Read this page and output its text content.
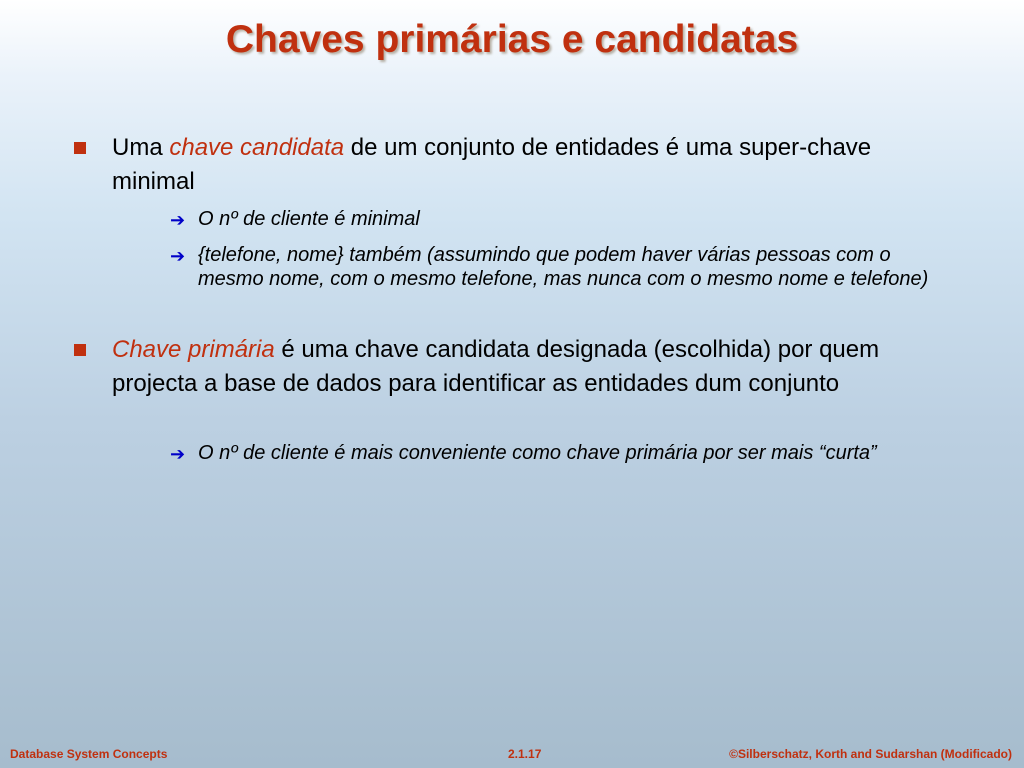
Chaves primárias e candidatas
Uma chave candidata de um conjunto de entidades é uma super-chave minimal
➔ O nº de cliente é minimal
➔ {telefone, nome} também (assumindo que podem haver várias pessoas com o mesmo nome, com o mesmo telefone, mas nunca com o mesmo nome e telefone)
Chave primária é uma chave candidata designada (escolhida) por quem projecta a base de dados para identificar as entidades dum conjunto
➔ O nº de cliente é mais conveniente como chave primária por ser mais “curta”
Database System Concepts	2.1.17	©Silberschatz, Korth and Sudarshan (Modificado)
